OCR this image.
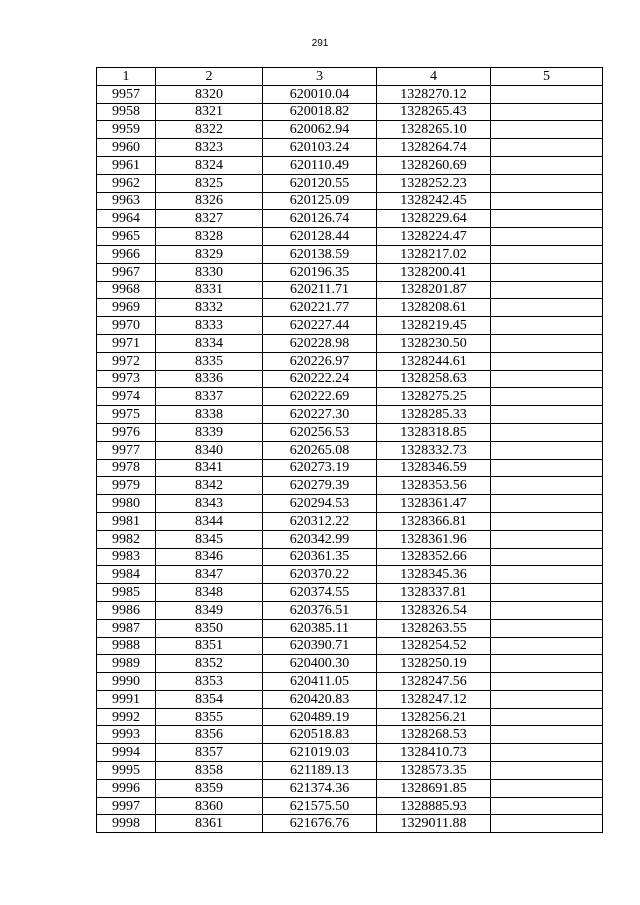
291
1	2	3	4	5
9957	8320	620010.04	1328270.12	
9958	8321	620018.82	1328265.43	
9959	8322	620062.94	1328265.10	
9960	8323	620103.24	1328264.74	
9961	8324	620110.49	1328260.69	
9962	8325	620120.55	1328252.23	
9963	8326	620125.09	1328242.45	
9964	8327	620126.74	1328229.64	
9965	8328	620128.44	1328224.47	
9966	8329	620138.59	1328217.02	
9967	8330	620196.35	1328200.41	
9968	8331	620211.71	1328201.87	
9969	8332	620221.77	1328208.61	
9970	8333	620227.44	1328219.45	
9971	8334	620228.98	1328230.50	
9972	8335	620226.97	1328244.61	
9973	8336	620222.24	1328258.63	
9974	8337	620222.69	1328275.25	
9975	8338	620227.30	1328285.33	
9976	8339	620256.53	1328318.85	
9977	8340	620265.08	1328332.73	
9978	8341	620273.19	1328346.59	
9979	8342	620279.39	1328353.56	
9980	8343	620294.53	1328361.47	
9981	8344	620312.22	1328366.81	
9982	8345	620342.99	1328361.96	
9983	8346	620361.35	1328352.66	
9984	8347	620370.22	1328345.36	
9985	8348	620374.55	1328337.81	
9986	8349	620376.51	1328326.54	
9987	8350	620385.11	1328263.55	
9988	8351	620390.71	1328254.52	
9989	8352	620400.30	1328250.19	
9990	8353	620411.05	1328247.56	
9991	8354	620420.83	1328247.12	
9992	8355	620489.19	1328256.21	
9993	8356	620518.83	1328268.53	
9994	8357	621019.03	1328410.73	
9995	8358	621189.13	1328573.35	
9996	8359	621374.36	1328691.85	
9997	8360	621575.50	1328885.93	
9998	8361	621676.76	1329011.88	
